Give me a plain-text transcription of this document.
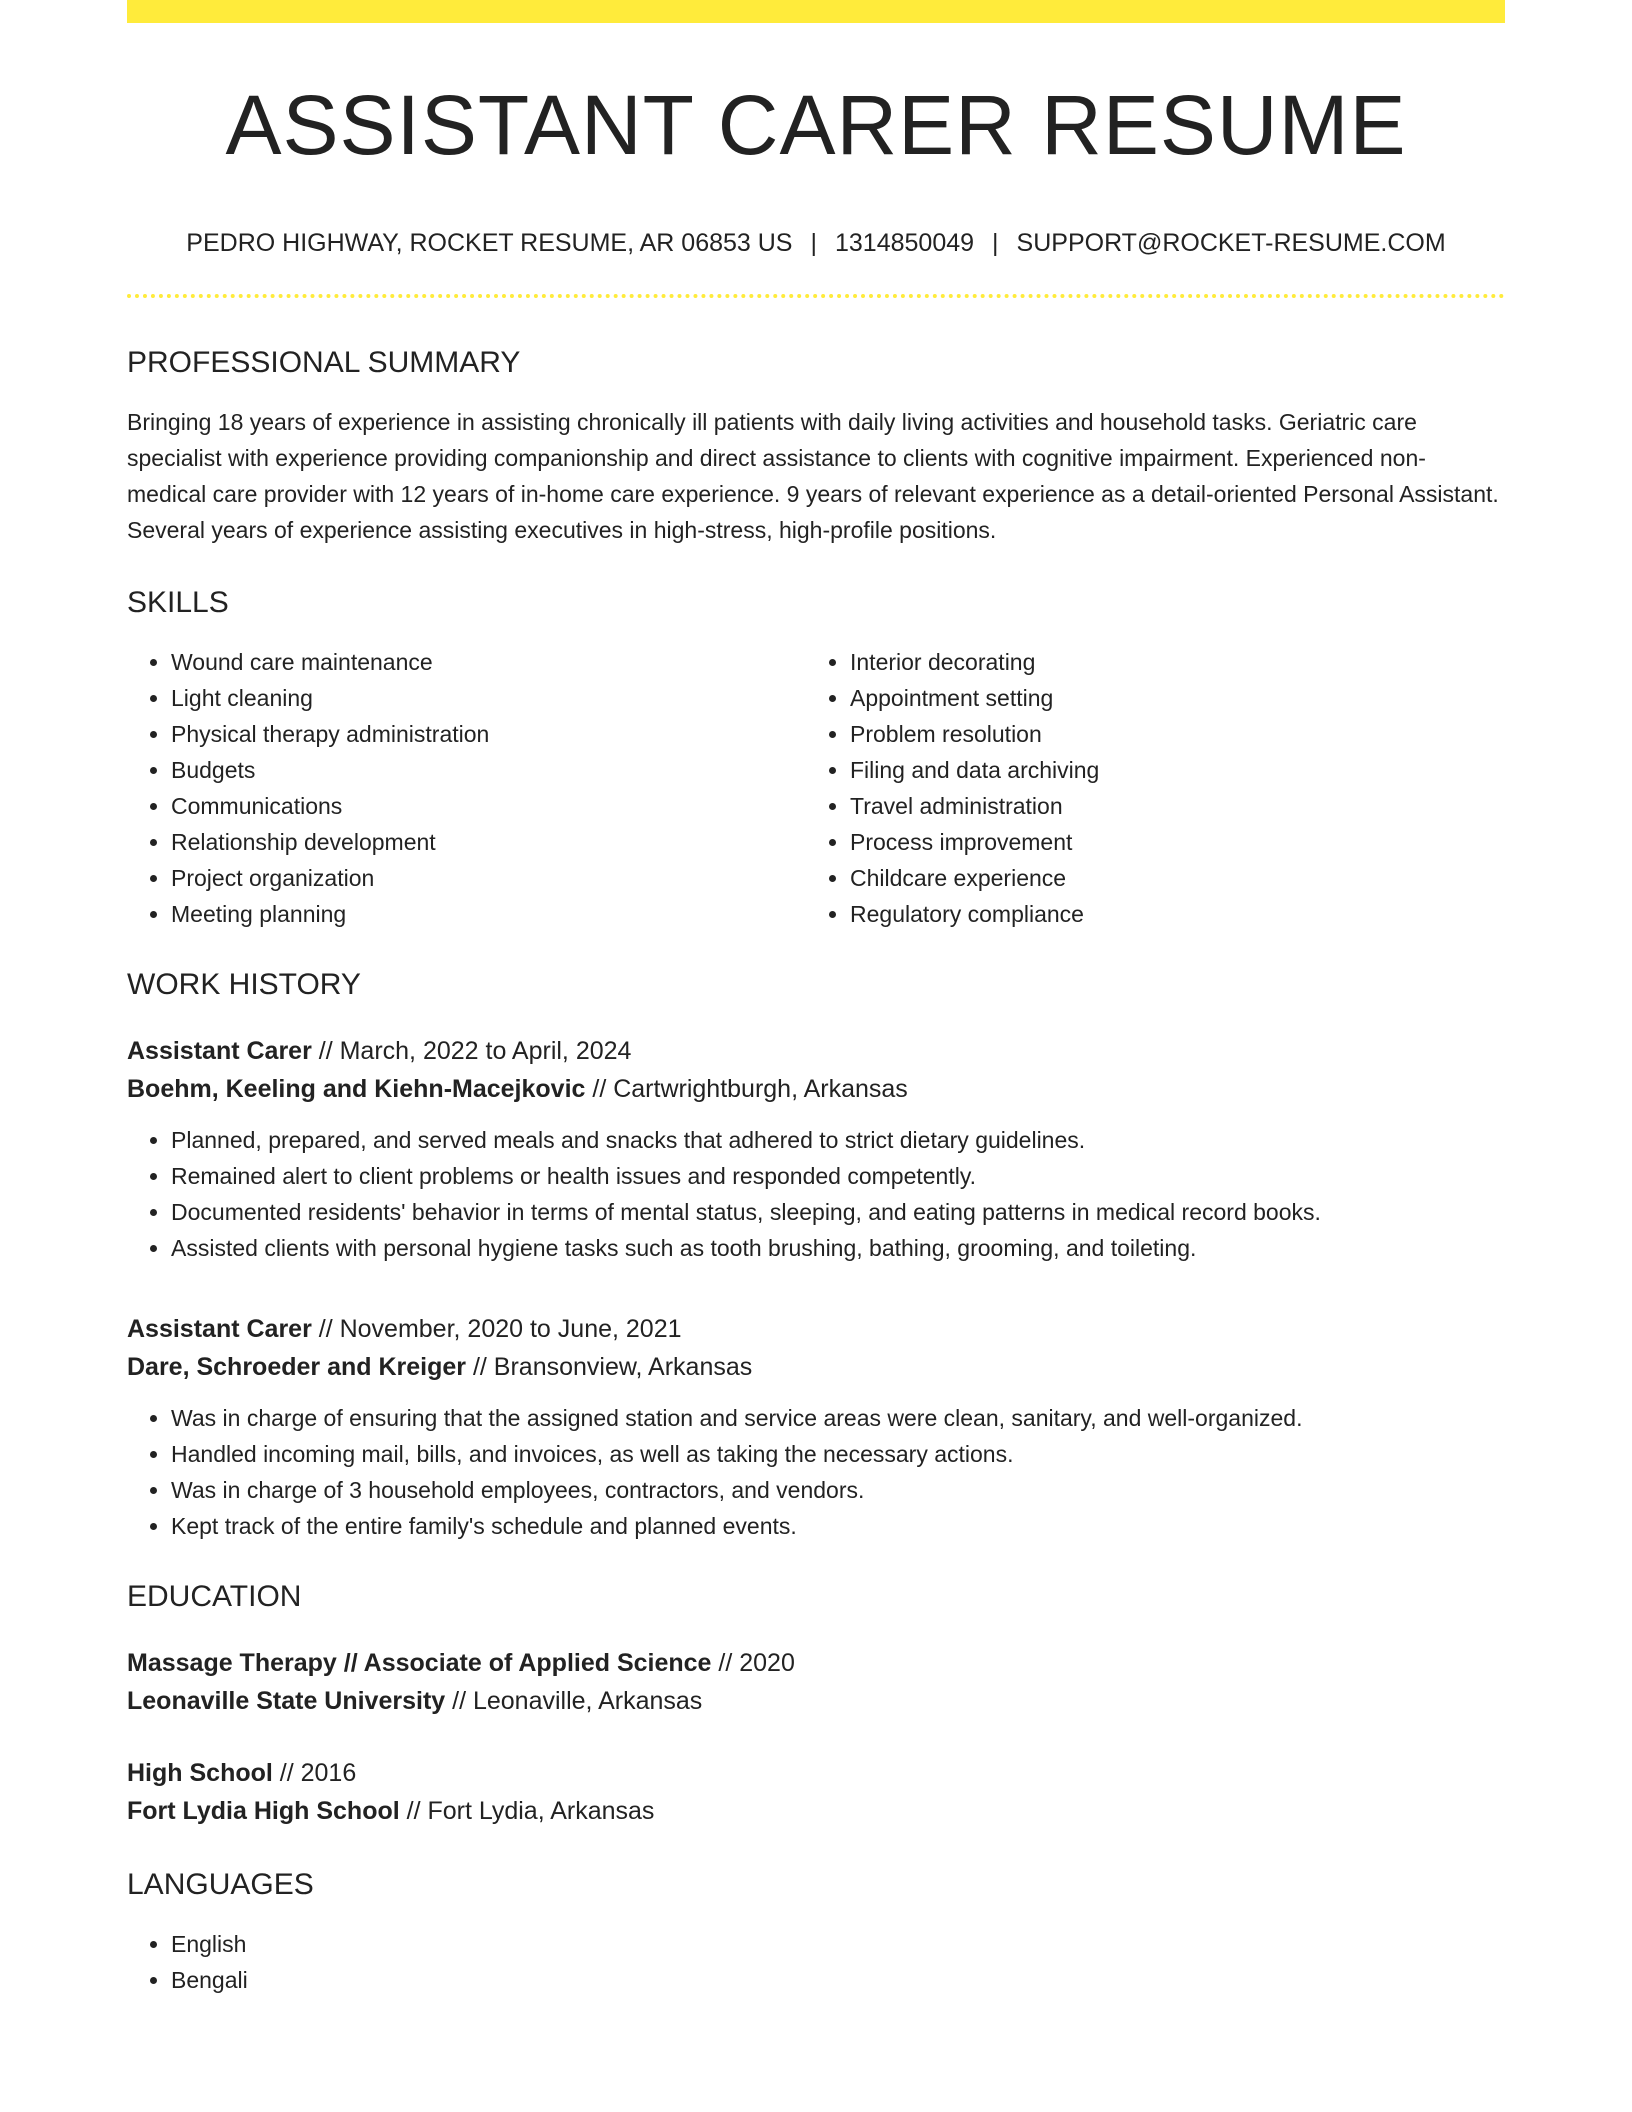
ASSISTANT CARER RESUME
PEDRO HIGHWAY, ROCKET RESUME, AR 06853 US | 1314850049 | SUPPORT@ROCKET-RESUME.COM
PROFESSIONAL SUMMARY

Bringing 18 years of experience in assisting chronically ill patients with daily living activities and household tasks. Geriatric care specialist with experience providing companionship and direct assistance to clients with cognitive impairment. Experienced non-medical care provider with 12 years of in-home care experience. 9 years of relevant experience as a detail-oriented Personal Assistant. Several years of experience assisting executives in high-stress, high-profile positions.

SKILLS
• Wound care maintenance
• Light cleaning
• Physical therapy administration
• Budgets
• Communications
• Relationship development
• Project organization
• Meeting planning
• Interior decorating
• Appointment setting
• Problem resolution
• Filing and data archiving
• Travel administration
• Process improvement
• Childcare experience
• Regulatory compliance
WORK HISTORY
Assistant Carer // March, 2022 to April, 2024
Boehm, Keeling and Kiehn-Macejkovic // Cartwrightburgh, Arkansas
• Planned, prepared, and served meals and snacks that adhered to strict dietary guidelines.
• Remained alert to client problems or health issues and responded competently.
• Documented residents' behavior in terms of mental status, sleeping, and eating patterns in medical record books.
• Assisted clients with personal hygiene tasks such as tooth brushing, bathing, grooming, and toileting.
Assistant Carer // November, 2020 to June, 2021
Dare, Schroeder and Kreiger // Bransonview, Arkansas
• Was in charge of ensuring that the assigned station and service areas were clean, sanitary, and well-organized.
• Handled incoming mail, bills, and invoices, as well as taking the necessary actions.
• Was in charge of 3 household employees, contractors, and vendors.
• Kept track of the entire family's schedule and planned events.
EDUCATION
Massage Therapy // Associate of Applied Science // 2020
Leonaville State University // Leonaville, Arkansas
High School // 2016
Fort Lydia High School // Fort Lydia, Arkansas
LANGUAGES
• English
• Bengali
